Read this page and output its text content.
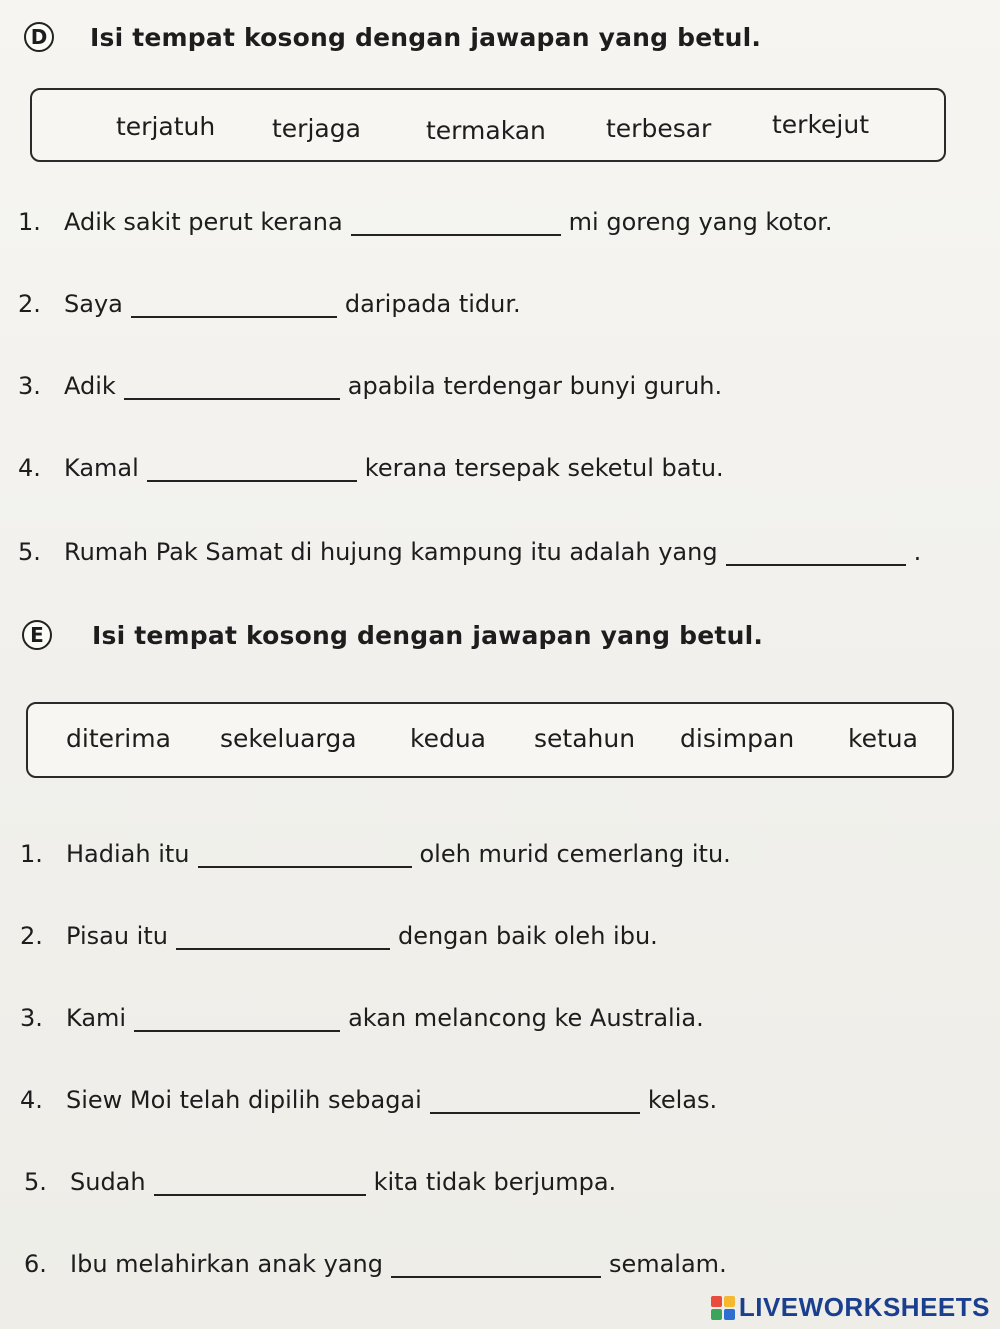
D Isi tempat kosong dengan jawapan yang betul.
terjatuh terjaga	termakan terbesar terkejut
1. Adik sakit perut kerana	mi goreng yang kotor.
2. Saya	daripada tidur.
3. Adik	apabila terdengar bunyi guruh.
4. Kamal	kerana tersepak seketul batu.
5. Rumah Pak Samat di hujung kampung itu adalah yang	.
E	Isi tempat kosong dengan jawapan yang betul.
diterima sekeluarga kedua setahun disimpan ketua
1. Hadiah itu	oleh murid cemerlang itu.
2. Pisau itu	dengan baik oleh ibu.
3. Kami	akan melancong ke Australia.
4. Siew Moi telah dipilih sebagai	kelas.
5. Sudah	kita tidak berjumpa.
6. Ibu melahirkan anak yang	semalam.
LIVEWORKSHEETS
